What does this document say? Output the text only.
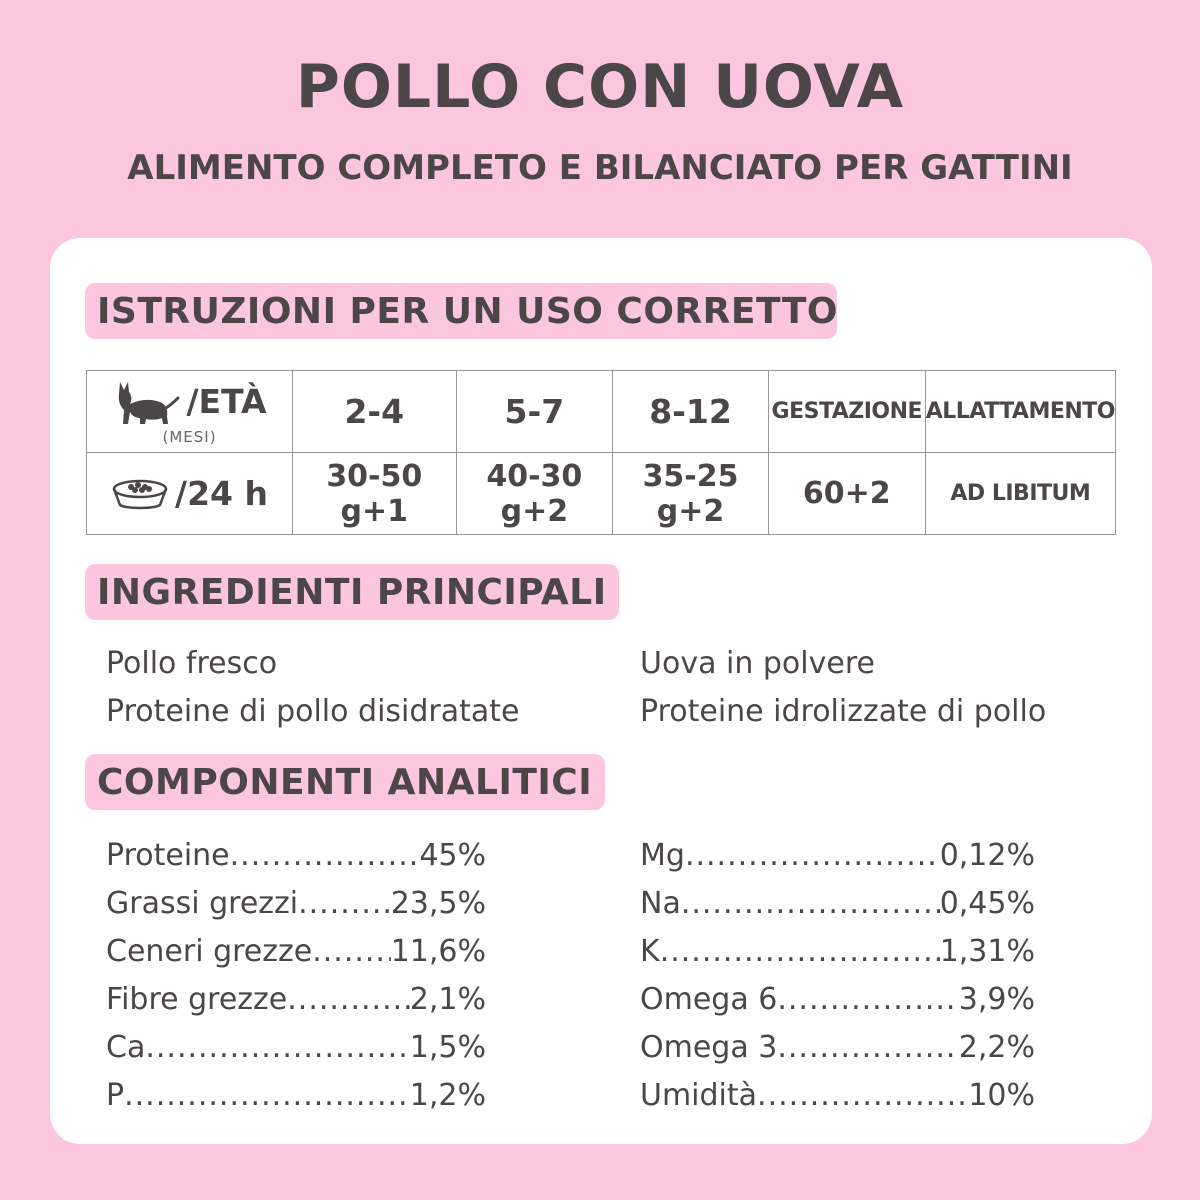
POLLO CON UOVA
ALIMENTO COMPLETO E BILANCIATO PER GATTINI
ISTRUZIONI PER UN USO CORRETTO
/ETÀ
(MESI)	2-4	5-7	8-12	GESTAZIONE	ALLATTAMENTO

/24 h	30-50 g+1	40-30 g+2	35-25 g+2	60+2	AD LIBITUM
INGREDIENTI PRINCIPALI
Pollo fresco
Proteine di pollo disidratate
Uova in polvere
Proteine idrolizzate di pollo
COMPONENTI ANALITICI
Proteine .....	45%
Grassi grezzi .....	23,5%
Ceneri grezze .....	11,6%
Fibre grezze .....	2,1%
Ca .....	1,5%
P .....	1,2%
Mg .....	0,12%
Na .....	0,45%
K .....	1,31%
Omega 6 .....	3,9%
Omega 3 .....	2,2%
Umidità .....	10%
